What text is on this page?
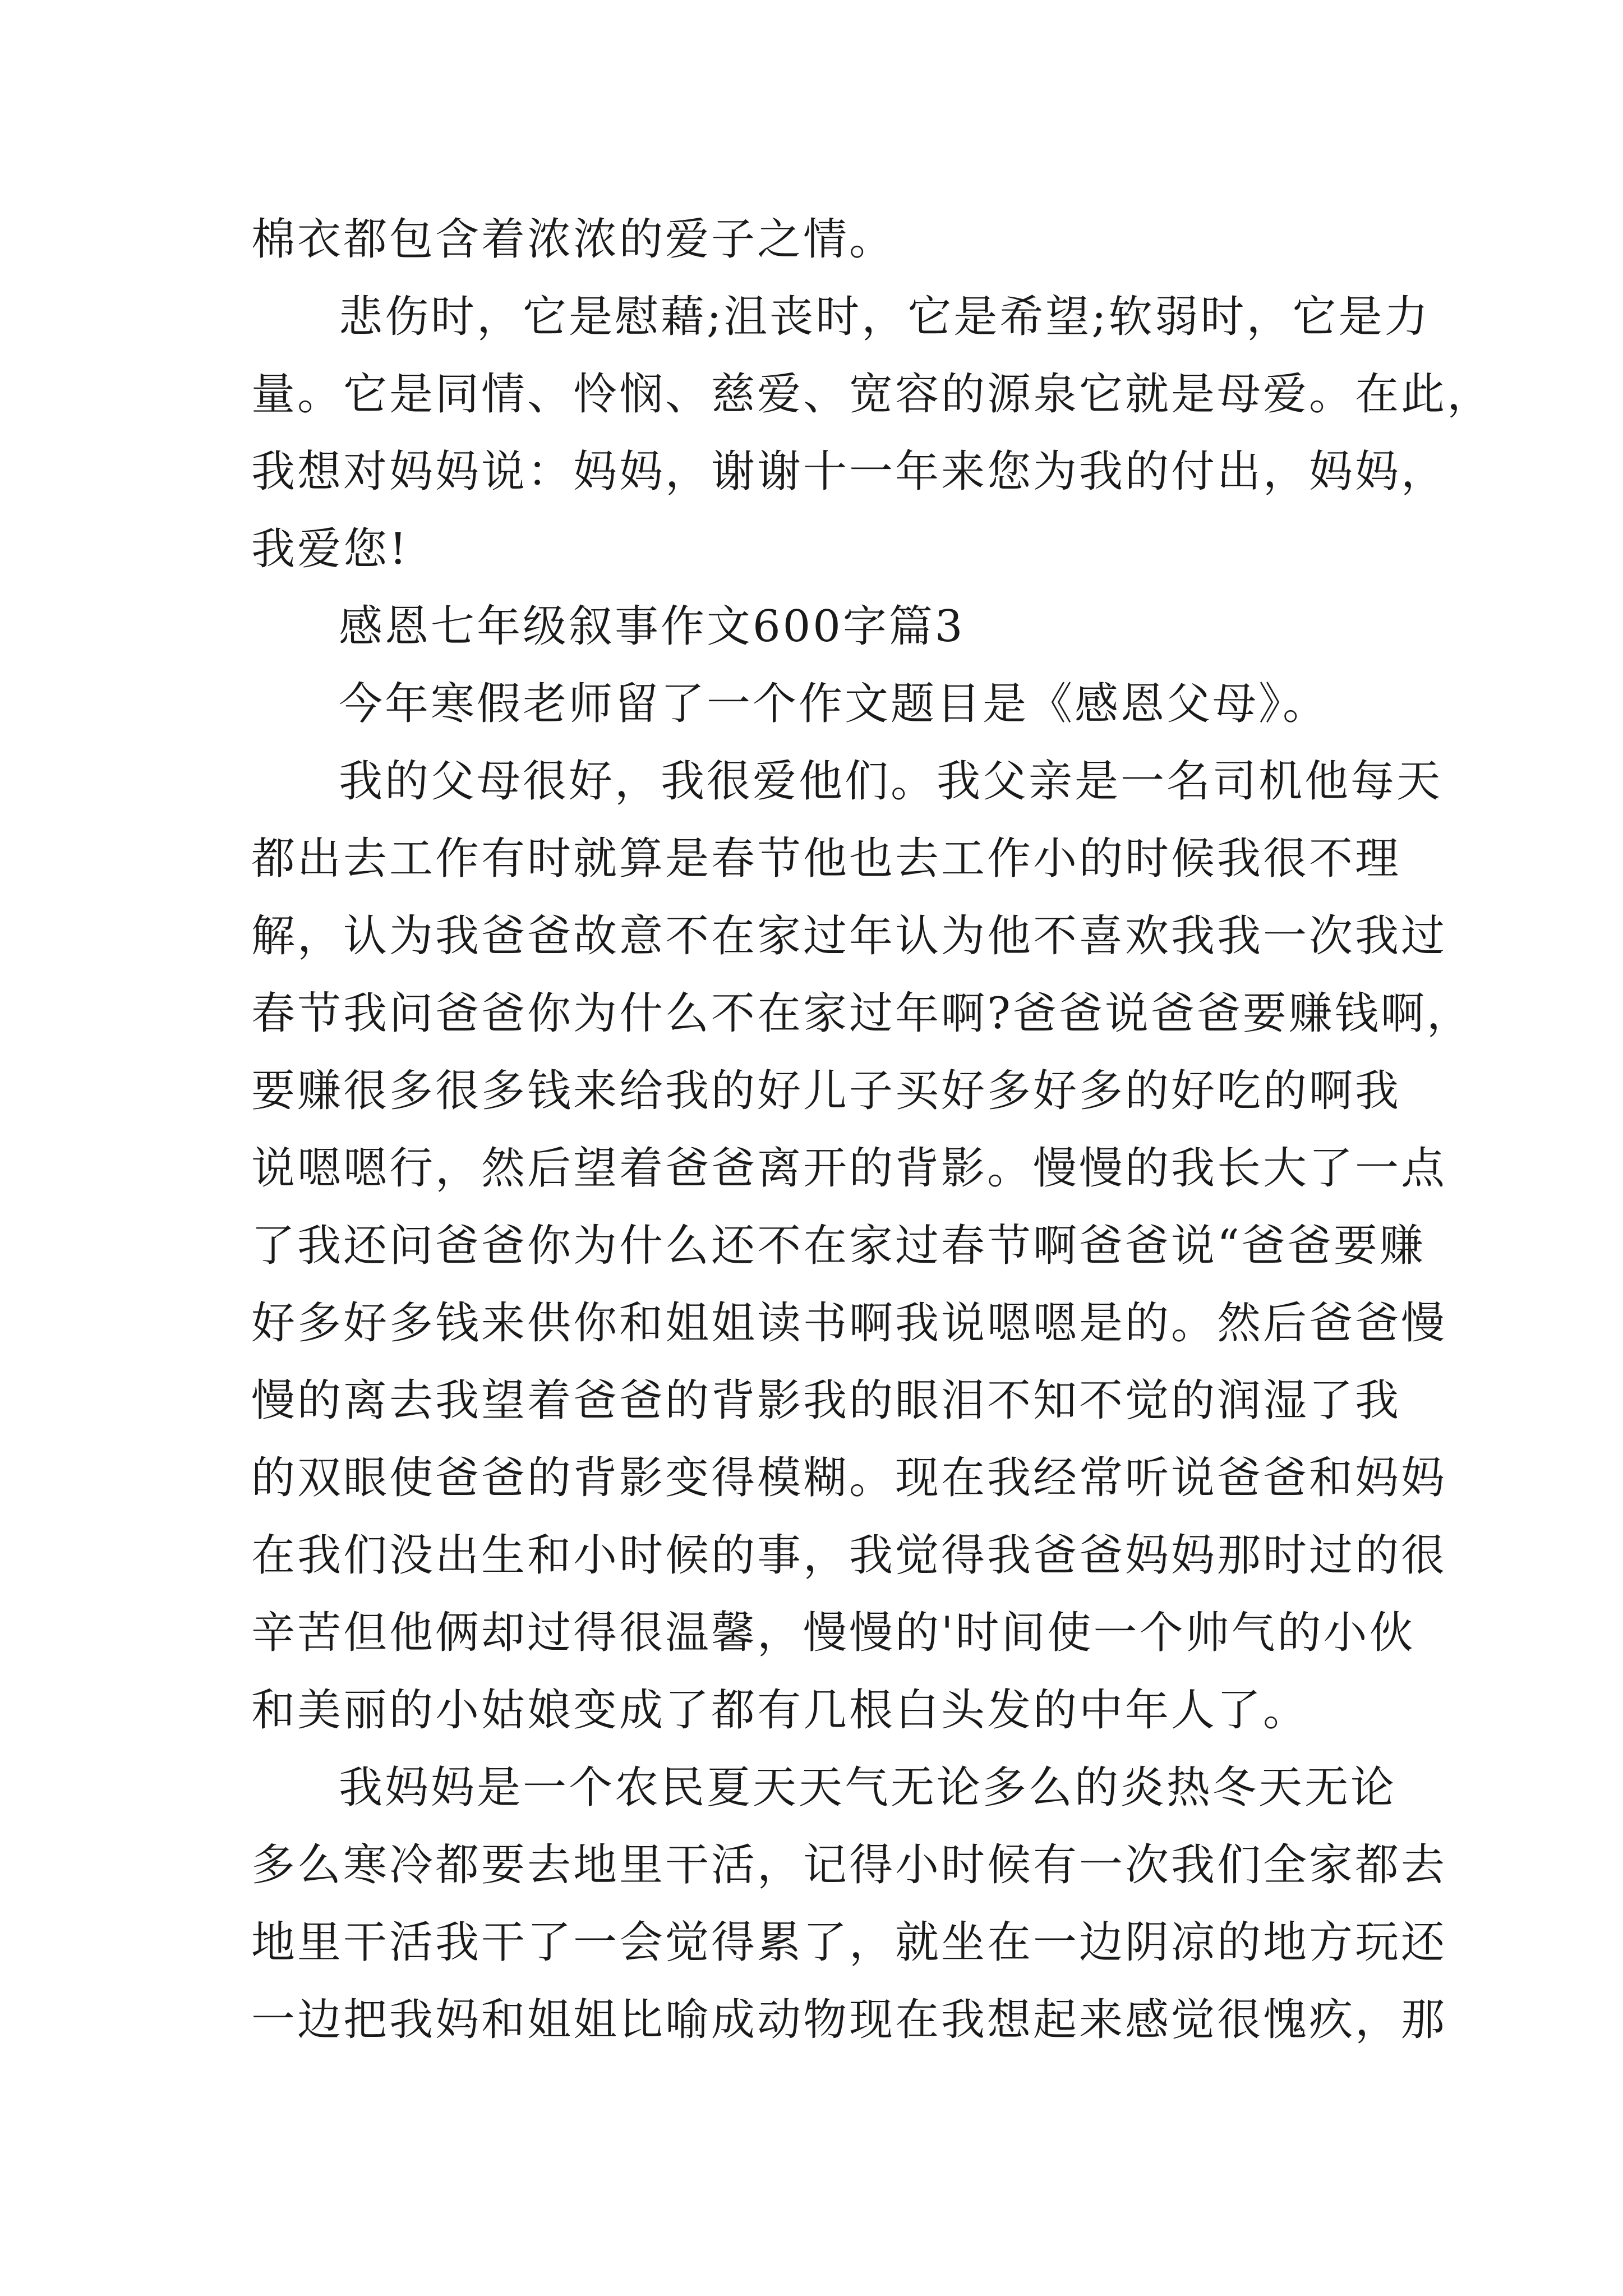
棉衣都包含着浓浓的爱子之情。
悲伤时，它是慰藉;沮丧时，它是希望;软弱时，它是力
量。它是同情、怜悯、慈爱、宽容的源泉它就是母爱。在此，
我想对妈妈说：妈妈，谢谢十一年来您为我的付出，妈妈，
我爱您!
感恩七年级叙事作文600字篇3
今年寒假老师留了一个作文题目是《感恩父母》。
我的父母很好，我很爱他们。我父亲是一名司机他每天
都出去工作有时就算是春节他也去工作小的时候我很不理
解，认为我爸爸故意不在家过年认为他不喜欢我我一次我过
春节我问爸爸你为什么不在家过年啊?爸爸说爸爸要赚钱啊，
要赚很多很多钱来给我的好儿子买好多好多的好吃的啊我
说嗯嗯行，然后望着爸爸离开的背影。慢慢的我长大了一点
了我还问爸爸你为什么还不在家过春节啊爸爸说“爸爸要赚
好多好多钱来供你和姐姐读书啊我说嗯嗯是的。然后爸爸慢
慢的离去我望着爸爸的背影我的眼泪不知不觉的润湿了我
的双眼使爸爸的背影变得模糊。现在我经常听说爸爸和妈妈
在我们没出生和小时候的事，我觉得我爸爸妈妈那时过的很
辛苦但他俩却过得很温馨，慢慢的'时间使一个帅气的小伙
和美丽的小姑娘变成了都有几根白头发的中年人了。
我妈妈是一个农民夏天天气无论多么的炎热冬天无论
多么寒冷都要去地里干活，记得小时候有一次我们全家都去
地里干活我干了一会觉得累了，就坐在一边阴凉的地方玩还
一边把我妈和姐姐比喻成动物现在我想起来感觉很愧疚，那
